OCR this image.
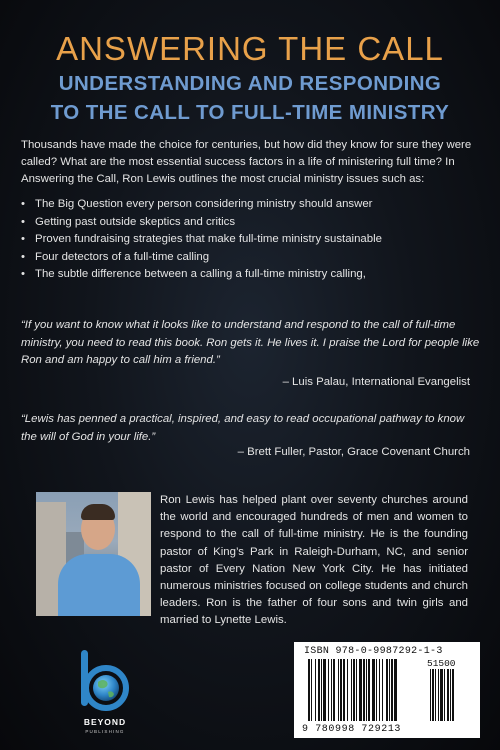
ANSWERING THE CALL
UNDERSTANDING AND RESPONDING
TO THE CALL TO FULL-TIME MINISTRY

Thousands have made the choice for centuries, but how did they know for sure they were called? What are the most essential success factors in a life of ministering full time? In Answering the Call, Ron Lewis outlines the most crucial ministry issues such as:

• The Big Question every person considering ministry should answer
• Getting past outside skeptics and critics
• Proven fundraising strategies that make full-time ministry sustainable
• Four detectors of a full-time calling
• The subtle difference between a calling a full-time ministry calling,

“If you want to know what it looks like to understand and respond to the call of full-time ministry, you need to read this book. Ron gets it. He lives it. I praise the Lord for people like Ron and am happy to call him a friend.”

– Luis Palau, International Evangelist

“Lewis has penned a practical, inspired, and easy to read occupational pathway to know the will of God in your life.”

– Brett Fuller, Pastor, Grace Covenant Church

Ron Lewis has helped plant over seventy churches around the world and encouraged hundreds of men and women to respond to the call of full-time ministry. He is the founding pastor of King’s Park in Raleigh-Durham, NC, and senior pastor of Every Nation New York City. He has initiated numerous ministries focused on college students and church leaders. Ron is the father of four sons and twin girls and married to Lynette Lewis.

BEYOND

PUBLISHING

ISBN 978-0-9987292-1-3

51500

9 780998 729213
